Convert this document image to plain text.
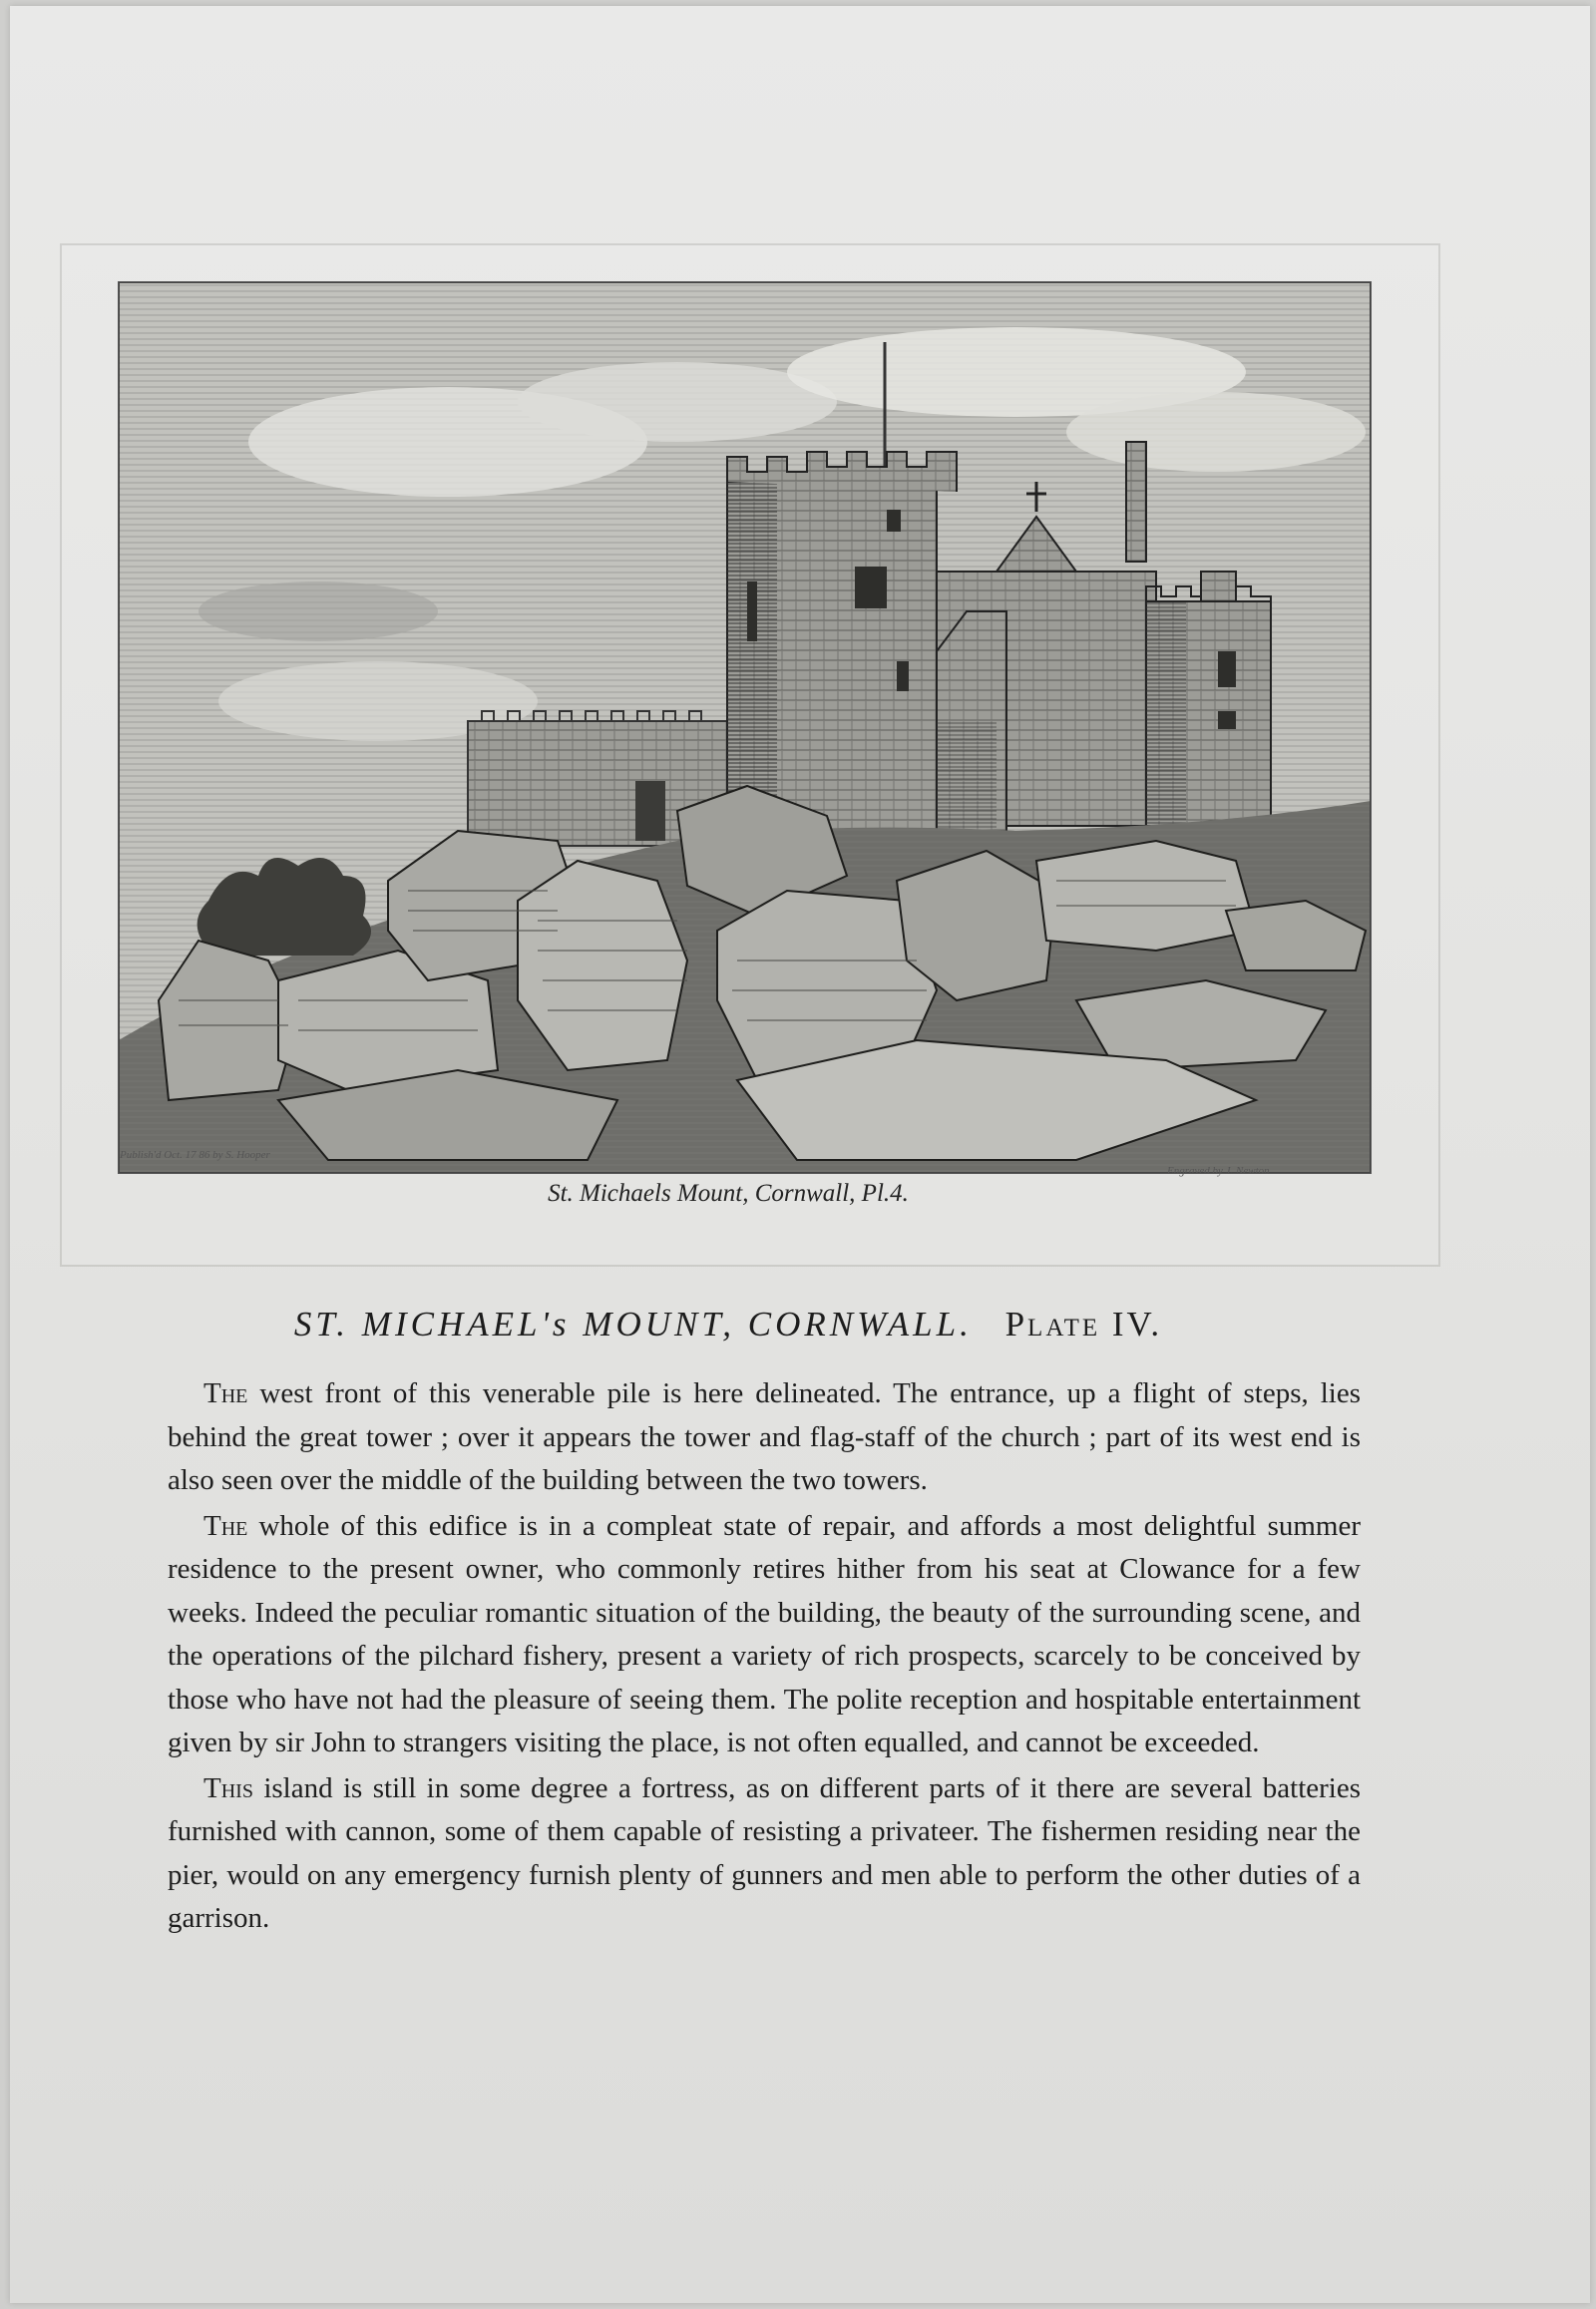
Publish'd Oct. 17 86 by S. Hooper
Engraved by J. Newton
St. Michaels Mount, Cornwall, Pl.4.
ST. MICHAEL's MOUNT, CORNWALL. Plate IV.

The west front of this venerable pile is here delineated. The entrance, up a flight of steps, lies behind the great tower ; over it appears the tower and flag-staff of the church ; part of its west end is also seen over the middle of the building between the two towers.

The whole of this edifice is in a compleat state of repair, and affords a most delightful summer residence to the present owner, who commonly retires hither from his seat at Clowance for a few weeks. Indeed the peculiar romantic situation of the building, the beauty of the surrounding scene, and the operations of the pilchard fishery, present a variety of rich prospects, scarcely to be conceived by those who have not had the pleasure of seeing them. The polite reception and hospitable entertainment given by sir John to strangers visiting the place, is not often equalled, and cannot be exceeded.

This island is still in some degree a fortress, as on different parts of it there are several batteries furnished with cannon, some of them capable of resisting a privateer. The fishermen residing near the pier, would on any emergency furnish plenty of gunners and men able to perform the other duties of a garrison.
